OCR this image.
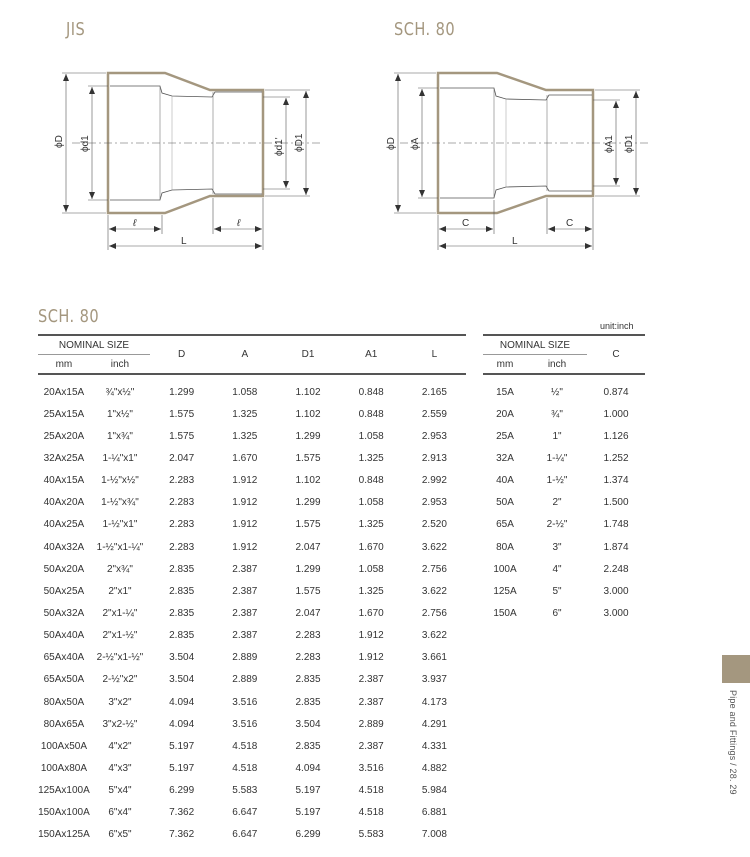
JIS	SCH. 80
ϕD ϕd1	ϕd1' ϕD1
ℓ	ℓ
L
ϕD ϕA	ϕA1 ϕD1
C	C
L
SCH. 80	unit:inch
NOMINAL SIZE		D	A	D1	A1	L
mm	inch					
20Ax15A	¾"x½"	1.299	1.058	1.102	0.848	2.165
25Ax15A	1"x½"	1.575	1.325	1.102	0.848	2.559
25Ax20A	1"x¾"	1.575	1.325	1.299	1.058	2.953
32Ax25A	1-¼"x1"	2.047	1.670	1.575	1.325	2.913
40Ax15A	1-½"x½"	2.283	1.912	1.102	0.848	2.992
40Ax20A	1-½"x¾"	2.283	1.912	1.299	1.058	2.953
40Ax25A	1-½"x1"	2.283	1.912	1.575	1.325	2.520
40Ax32A	1-½"x1-¼"	2.283	1.912	2.047	1.670	3.622
50Ax20A	2"x¾"	2.835	2.387	1.299	1.058	2.756
50Ax25A	2"x1"	2.835	2.387	1.575	1.325	3.622
50Ax32A	2"x1-¼"	2.835	2.387	2.047	1.670	2.756
50Ax40A	2"x1-½"	2.835	2.387	2.283	1.912	3.622
65Ax40A	2-½"x1-½"	3.504	2.889	2.283	1.912	3.661
65Ax50A	2-½"x2"	3.504	2.889	2.835	2.387	3.937
80Ax50A	3"x2"	4.094	3.516	2.835	2.387	4.173
80Ax65A	3"x2-½"	4.094	3.516	3.504	2.889	4.291
100Ax50A	4"x2"	5.197	4.518	2.835	2.387	4.331
100Ax80A	4"x3"	5.197	4.518	4.094	3.516	4.882
125Ax100A	5"x4"	6.299	5.583	5.197	4.518	5.984
150Ax100A	6"x4"	7.362	6.647	5.197	4.518	6.881
150Ax125A	6"x5"	7.362	6.647	6.299	5.583	7.008
NOMINAL SIZE		C
mm	inch	
15A	½"	0.874
20A	¾"	1.000
25A	1"	1.126
32A	1-¼"	1.252
40A	1-½"	1.374
50A	2"	1.500
65A	2-½"	1.748
80A	3"	1.874
100A	4"	2.248
125A	5"	3.000
150A	6"	3.000
Pipe and Fittings / 28. 29
